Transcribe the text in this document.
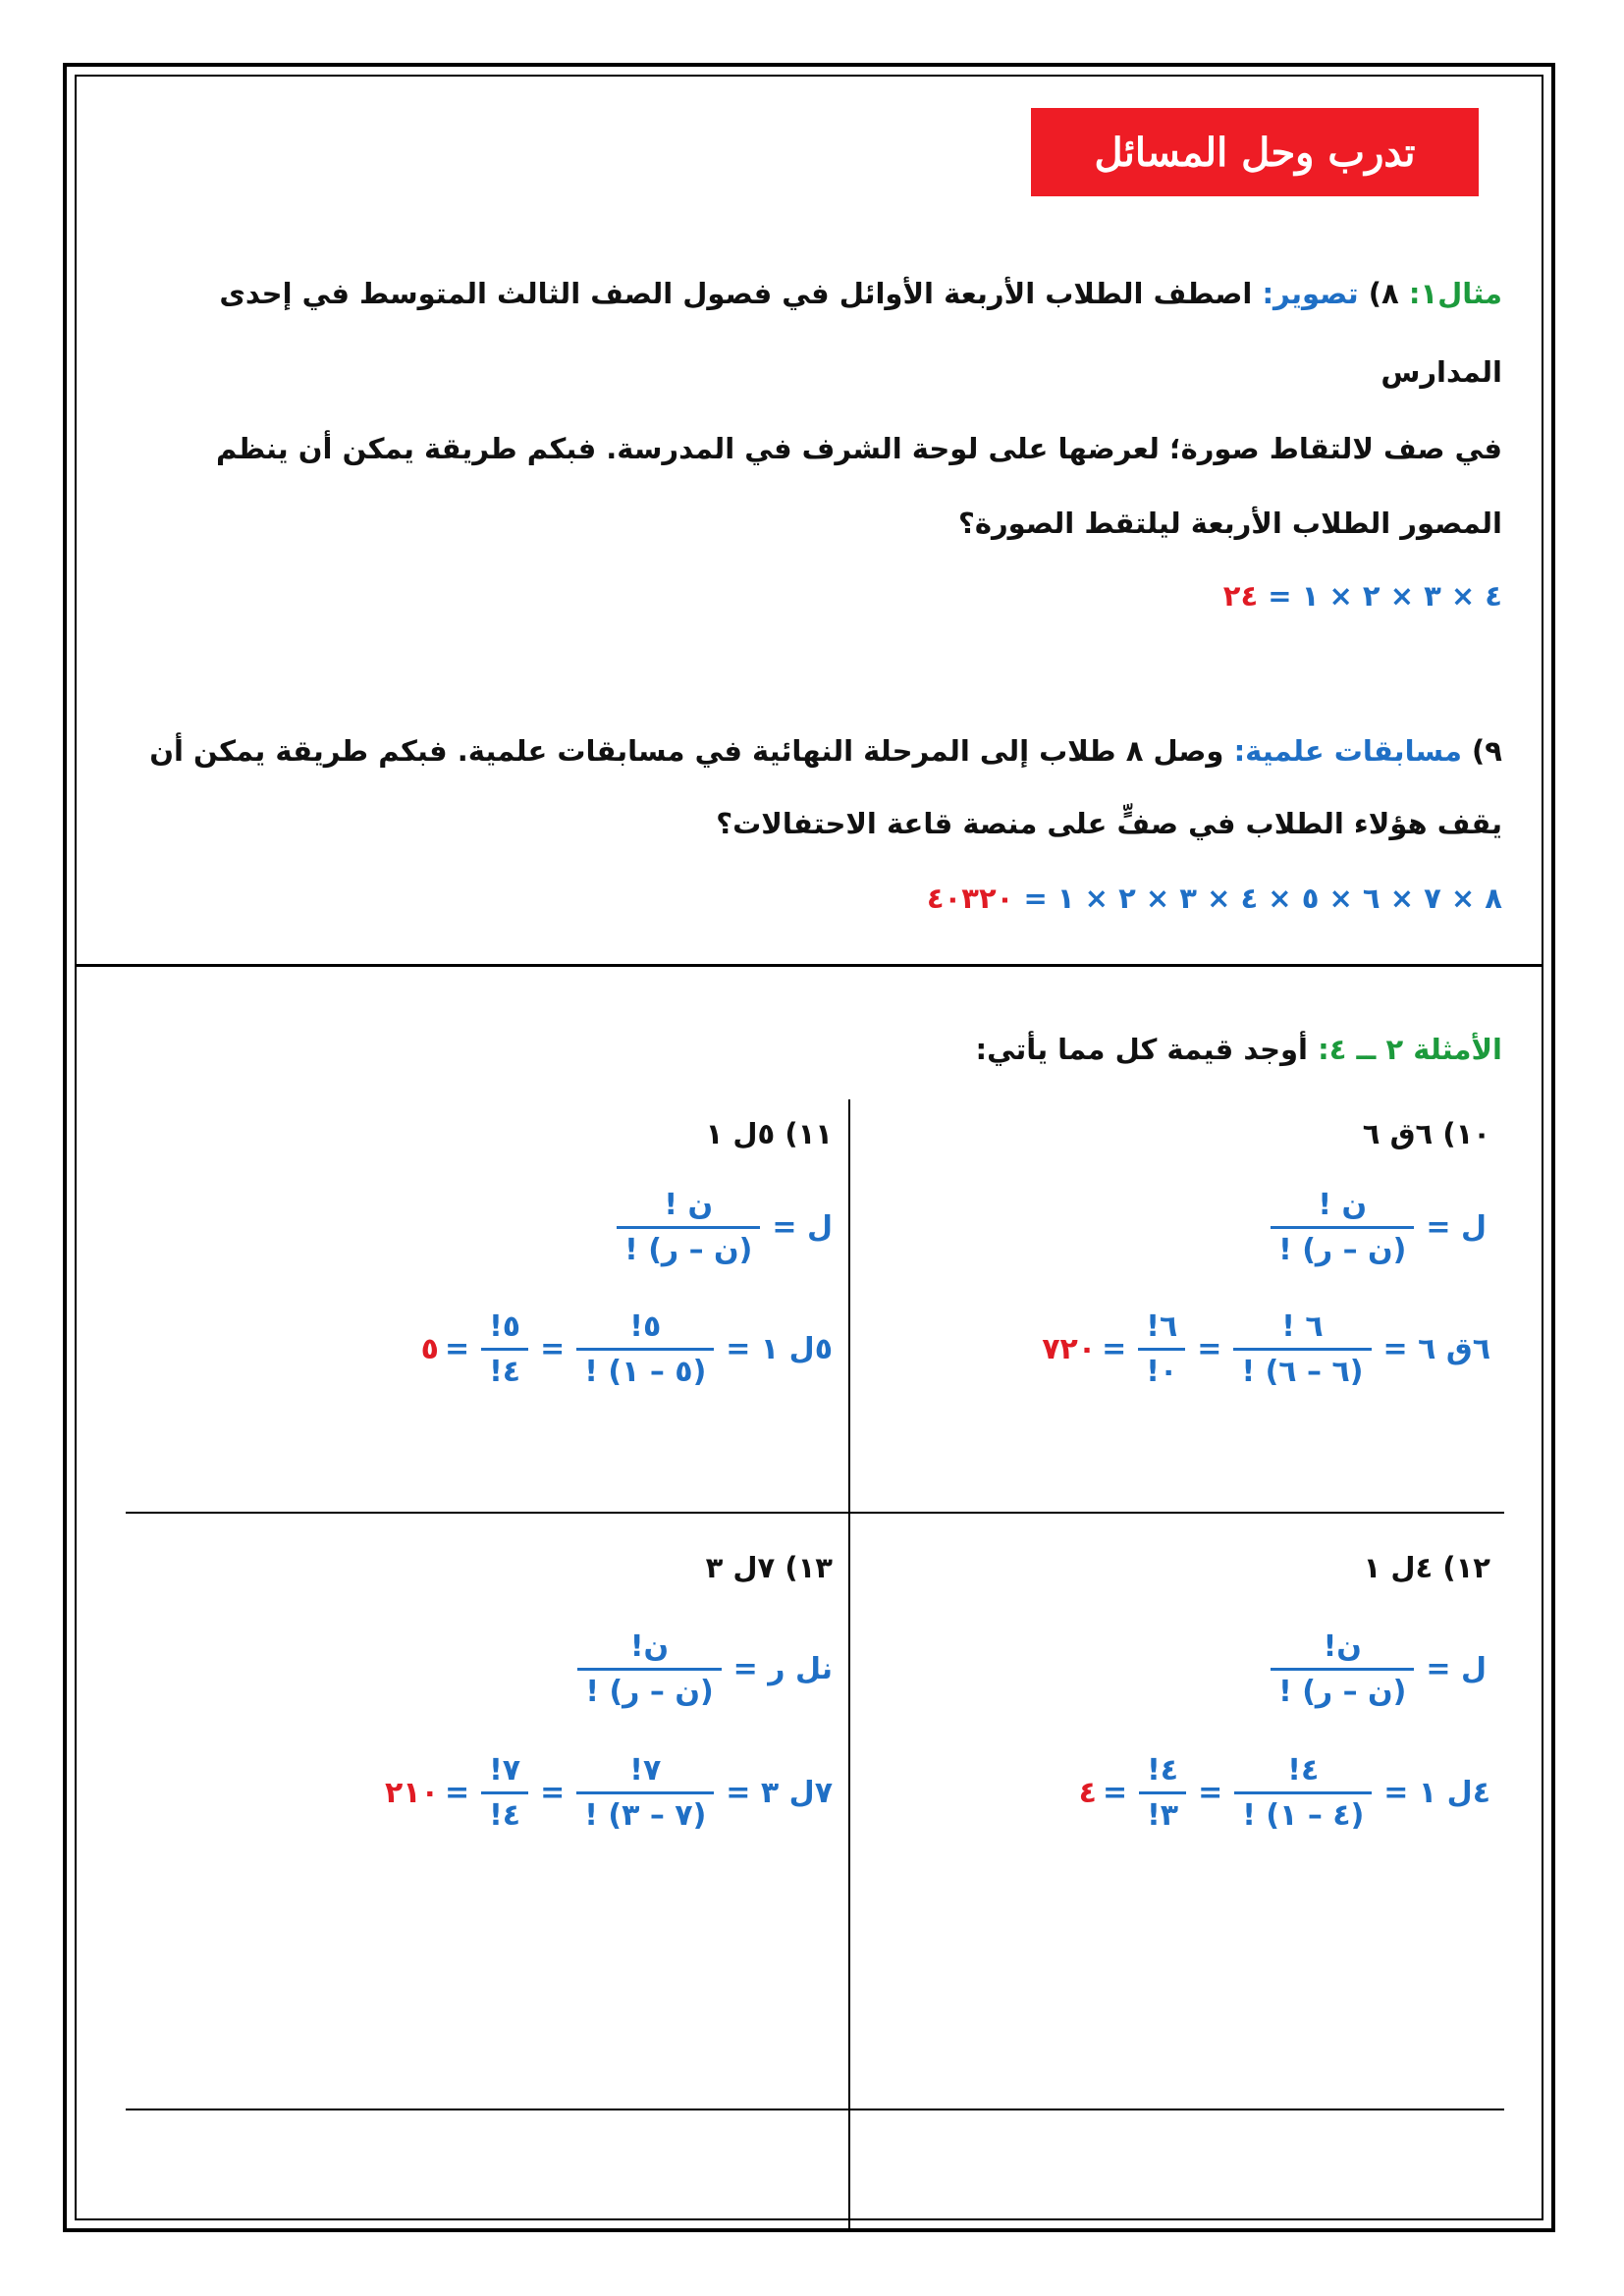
تدرب وحل المسائل
مثال١: ٨) تصوير: اصطف الطلاب الأربعة الأوائل في فصول الصف الثالث المتوسط في إحدى
المدارس
في صف لالتقاط صورة؛ لعرضها على لوحة الشرف في المدرسة. فبكم طريقة يمكن أن ينظم
المصور الطلاب الأربعة ليلتقط الصورة؟
٤ × ٣ × ٢ × ١ = ٢٤
٩) مسابقات علمية: وصل ٨ طلاب إلى المرحلة النهائية في مسابقات علمية. فبكم طريقة يمكن أن
يقف هؤلاء الطلاب في صفٍّ على منصة قاعة الاحتفالات؟
٨ × ٧ × ٦ × ٥ × ٤ × ٣ × ٢ × ١ = ٤٠٣٢٠
الأمثلة ٢ ــ ٤: أوجد قيمة كل مما يأتي:
١٠) ٦ق ٦
ل =
$\frac{\text{ن !}}{\text{(ن – ر) !}}$
٦ق ٦ =
$\frac{٦ !}{(٦ - ٦) !}$
=
$\frac{٦!}{٠!}$
=
٧٢٠
١١) ٥ل ١
ل =
$\frac{\text{ن !}}{\text{(ن – ر) !}}$
٥ل ١ =
$\frac{٥!}{(٥ - ١) !}$
=
$\frac{٥!}{٤!}$
=
٥
١٢) ٤ل ١
ل =
$\frac{\text{ن!}}{\text{(ن – ر) !}}$
٤ل ١ =
$\frac{٤!}{(٤ - ١) !}$
=
$\frac{٤!}{٣!}$
=
٤
١٣) ٧ل ٣
نل ر =
$\frac{\text{ن!}}{\text{(ن – ر) !}}$
٧ل ٣ =
$\frac{٧!}{(٧ - ٣) !}$
=
$\frac{٧!}{٤!}$
=
٢١٠
